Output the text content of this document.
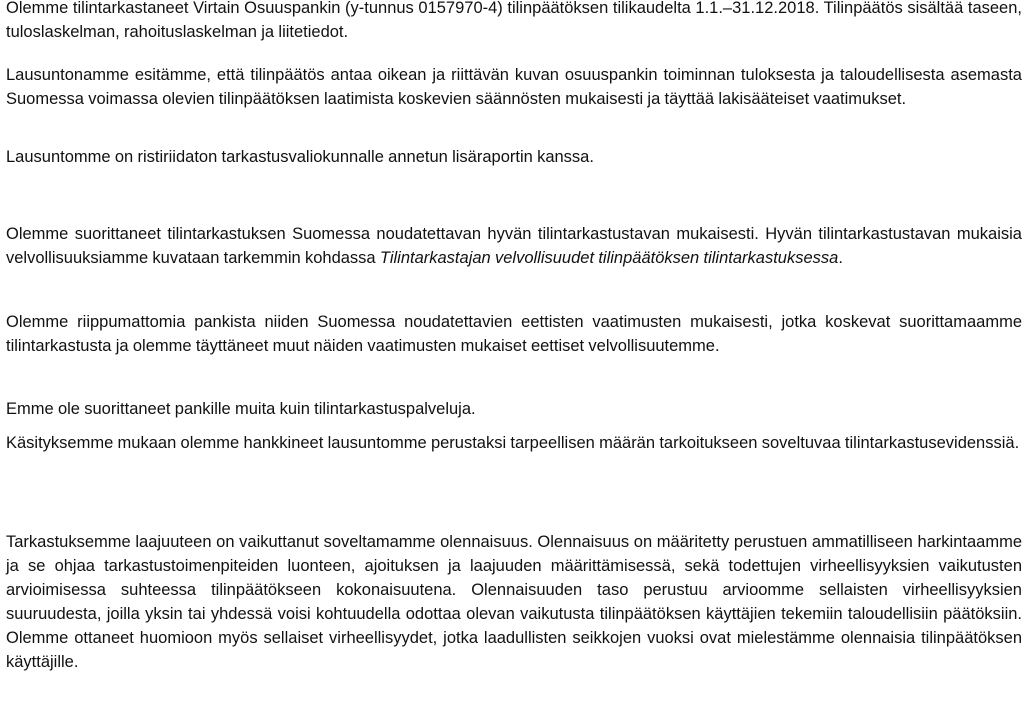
Olemme tilintarkastaneet Virtain Osuuspankin (y-tunnus 0157970-4) tilinpäätöksen tilikaudelta 1.1.–31.12.2018. Tilinpäätös sisältää taseen, tuloslaskelman, rahoituslaskelman ja liitetiedot.

Lausuntonamme esitämme, että tilinpäätös antaa oikean ja riittävän kuvan osuuspankin toiminnan tuloksesta ja taloudellisesta asemasta Suomessa voimassa olevien tilinpäätöksen laatimista koskevien säännösten mukaisesti ja täyttää lakisääteiset vaatimukset.

Lausuntomme on ristiriidaton tarkastusvaliokunnalle annetun lisäraportin kanssa.

Olemme suorittaneet tilintarkastuksen Suomessa noudatettavan hyvän tilintarkastustavan mukaisesti. Hyvän tilintarkastustavan mukaisia velvollisuuksiamme kuvataan tarkemmin kohdassa Tilintarkastajan velvollisuudet tilinpäätöksen tilintarkastuksessa.

Olemme riippumattomia pankista niiden Suomessa noudatettavien eettisten vaatimusten mukaisesti, jotka koskevat suorittamaamme tilintarkastusta ja olemme täyttäneet muut näiden vaatimusten mukaiset eettiset velvollisuutemme.

Emme ole suorittaneet pankille muita kuin tilintarkastuspalveluja.

Käsityksemme mukaan olemme hankkineet lausuntomme perustaksi tarpeellisen määrän tarkoitukseen soveltuvaa tilintarkastusevidenssiä.

Tarkastuksemme laajuuteen on vaikuttanut soveltamamme olennaisuus. Olennaisuus on määritetty perustuen ammatilliseen harkintaamme ja se ohjaa tarkastustoimenpiteiden luonteen, ajoituksen ja laajuuden määrittämisessä, sekä todettujen virheellisyyksien vaikutusten arvioimisessa suhteessa tilinpäätökseen kokonaisuutena. Olennaisuuden taso perustuu arvioomme sellaisten virheellisyyksien suuruudesta, joilla yksin tai yhdessä voisi kohtuudella odottaa olevan vaikutusta tilinpäätöksen käyttäjien tekemiin taloudellisiin päätöksiin. Olemme ottaneet huomioon myös sellaiset virheellisyydet, jotka laadullisten seikkojen vuoksi ovat mielestämme olennaisia tilinpäätöksen käyttäjille.
